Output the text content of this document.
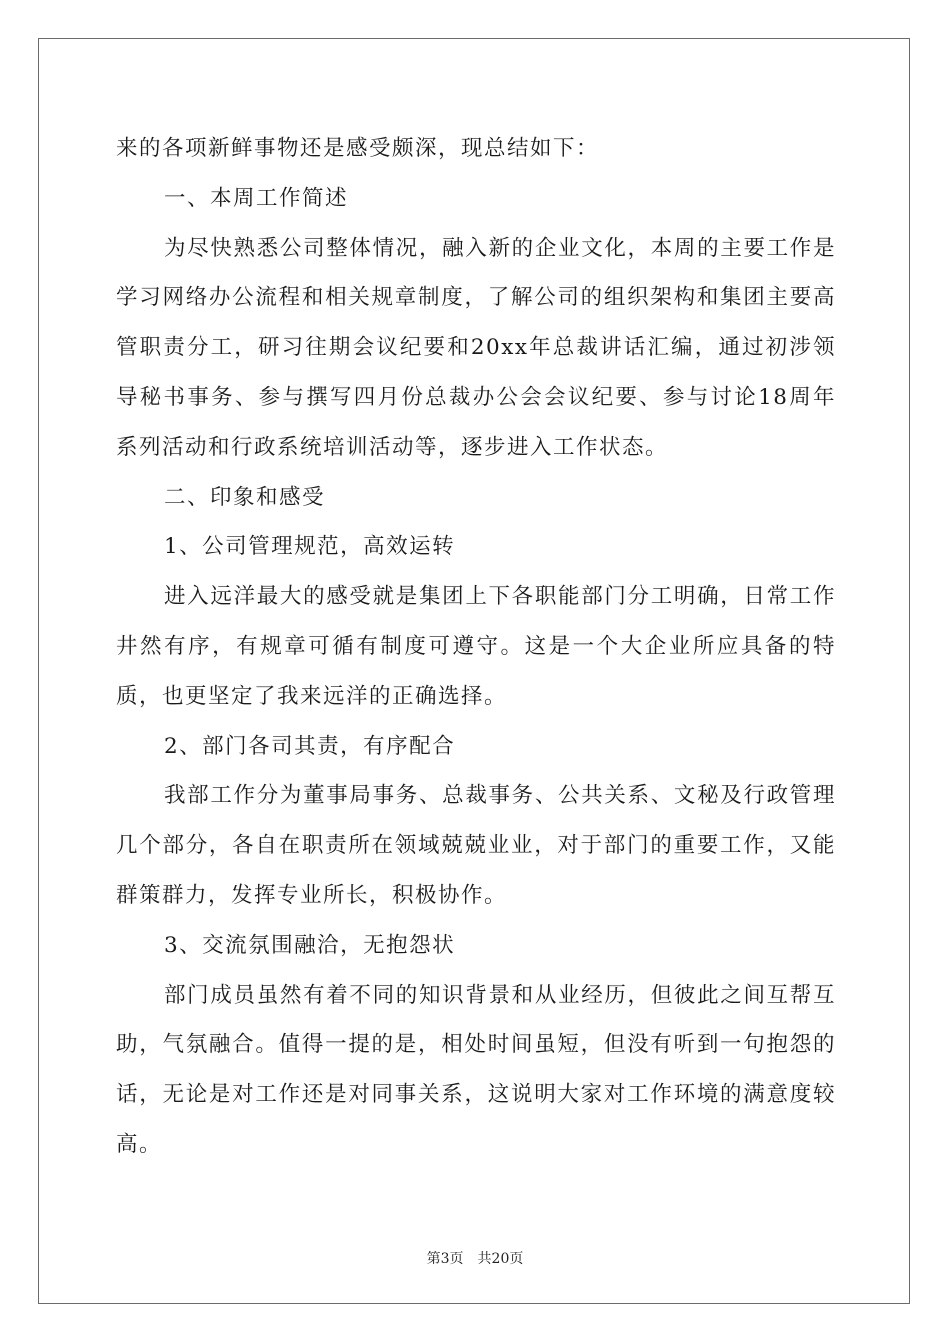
来的各项新鲜事物还是感受颇深，现总结如下：

一、本周工作简述

为尽快熟悉公司整体情况，融入新的企业文化，本周的主要工作是学习网络办公流程和相关规章制度，了解公司的组织架构和集团主要高管职责分工，研习往期会议纪要和20xx年总裁讲话汇编，通过初涉领导秘书事务、参与撰写四月份总裁办公会会议纪要、参与讨论18周年系列活动和行政系统培训活动等，逐步进入工作状态。

二、印象和感受

1、公司管理规范，高效运转

进入远洋最大的感受就是集团上下各职能部门分工明确，日常工作井然有序，有规章可循有制度可遵守。这是一个大企业所应具备的特质，也更坚定了我来远洋的正确选择。

2、部门各司其责，有序配合

我部工作分为董事局事务、总裁事务、公共关系、文秘及行政管理几个部分，各自在职责所在领域兢兢业业，对于部门的重要工作，又能群策群力，发挥专业所长，积极协作。

3、交流氛围融洽，无抱怨状

部门成员虽然有着不同的知识背景和从业经历，但彼此之间互帮互助，气氛融合。值得一提的是，相处时间虽短，但没有听到一句抱怨的话，无论是对工作还是对同事关系，这说明大家对工作环境的满意度较高。

第3页 共20页
